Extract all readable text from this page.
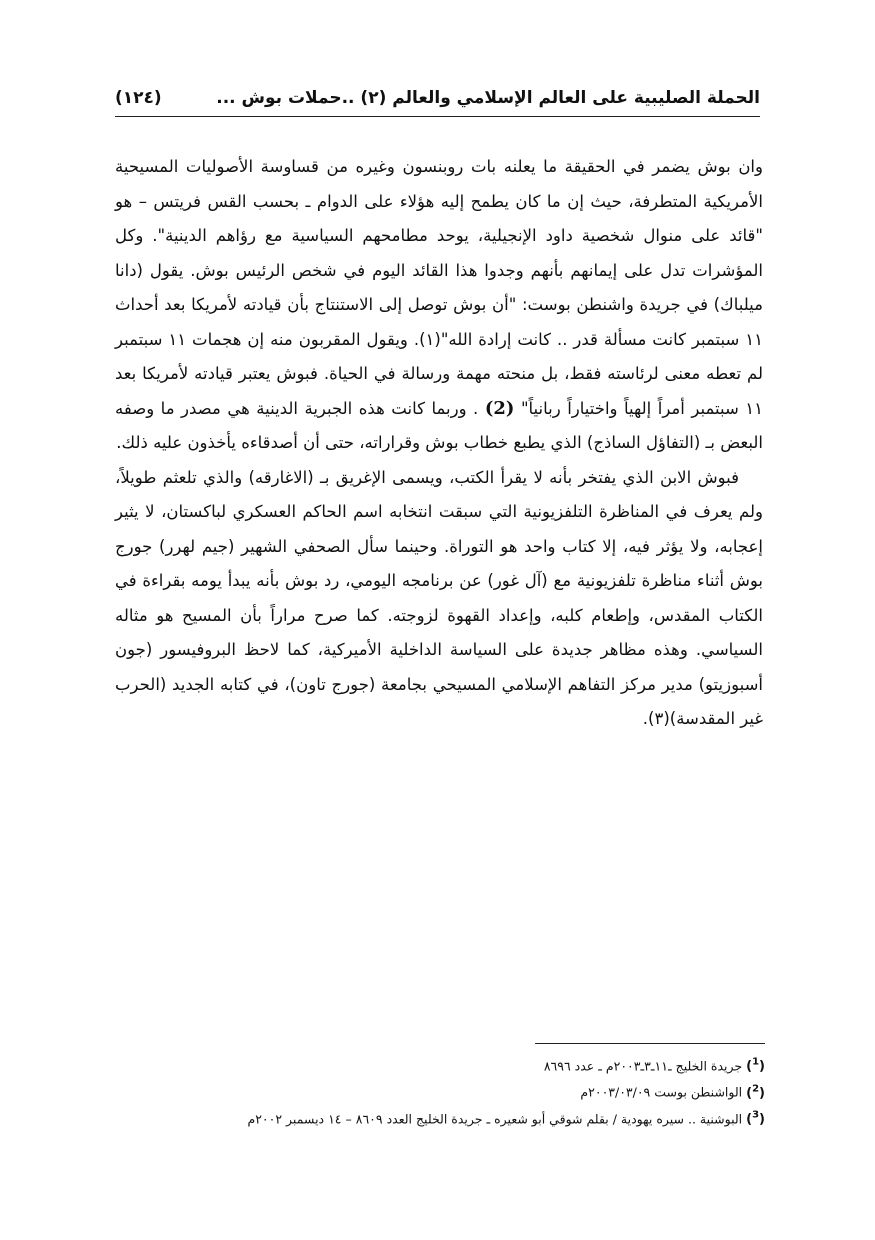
الحملة الصليبية على العالم الإسلامي والعالم (٢) ..حملات بوش ...
(١٢٤)

وان بوش يضمر في الحقيقة ما يعلنه بات روبنسون وغيره من قساوسة الأصوليات المسيحية الأمريكية المتطرفة، حيث إن ما كان يطمح إليه هؤلاء على الدوام ـ بحسب القس فريتس – هو "قائد على منوال شخصية داود الإنجيلية، يوحد مطامحهم السياسية مع رؤاهم الدينية". وكل المؤشرات تدل على إيمانهم بأنهم وجدوا هذا القائد اليوم في شخص الرئيس بوش. يقول (دانا ميلباك) في جريدة واشنطن بوست: "أن بوش توصل إلى الاستنتاج بأن قيادته لأمريكا بعد أحداث ١١ سبتمبر كانت مسألة قدر .. كانت إرادة الله"(١). ويقول المقربون منه إن هجمات ١١ سبتمبر لم تعطه معنى لرئاسته فقط، بل منحته مهمة ورسالة في الحياة. فبوش يعتبر قيادته لأمريكا بعد ١١ سبتمبر أمراً إلهياً واختياراً ربانياً" (2) . وربما كانت هذه الجبرية الدينية هي مصدر ما وصفه البعض بـ (التفاؤل الساذج) الذي يطبع خطاب بوش وقراراته، حتى أن أصدقاءه يأخذون عليه ذلك.

فبوش الابن الذي يفتخر بأنه لا يقرأ الكتب، ويسمى الإغريق بـ (الاغارقه) والذي تلعثم طويلاً، ولم يعرف في المناظرة التلفزيونية التي سبقت انتخابه اسم الحاكم العسكري لباكستان، لا يثير إعجابه، ولا يؤثر فيه، إلا كتاب واحد هو التوراة. وحينما سأل الصحفي الشهير (جيم لهرر) جورج بوش أثناء مناظرة تلفزيونية مع (آل غور) عن برنامجه اليومي، رد بوش بأنه يبدأ يومه بقراءة في الكتاب المقدس، وإطعام كلبه، وإعداد القهوة لزوجته. كما صرح مراراً بأن المسيح هو مثاله السياسي. وهذه مظاهر جديدة على السياسة الداخلية الأميركية، كما لاحظ البروفيسور (جون أسبوزيتو) مدير مركز التفاهم الإسلامي المسيحي بجامعة (جورج تاون)، في كتابه الجديد (الحرب غير المقدسة)(٣).

($^1$) جريدة الخليج ـ١١ـ٣ـ٢٠٠٣م ـ عدد ٨٦٩٦
($^2$) الواشنطن بوست ٢٠٠٣/٠٣/٠٩م
($^3$) البوشنية .. سيره يهودية / بقلم شوقي أبو شعيره ـ جريدة الخليج العدد ٨٦٠٩ – ١٤ ديسمبر ٢٠٠٢م
